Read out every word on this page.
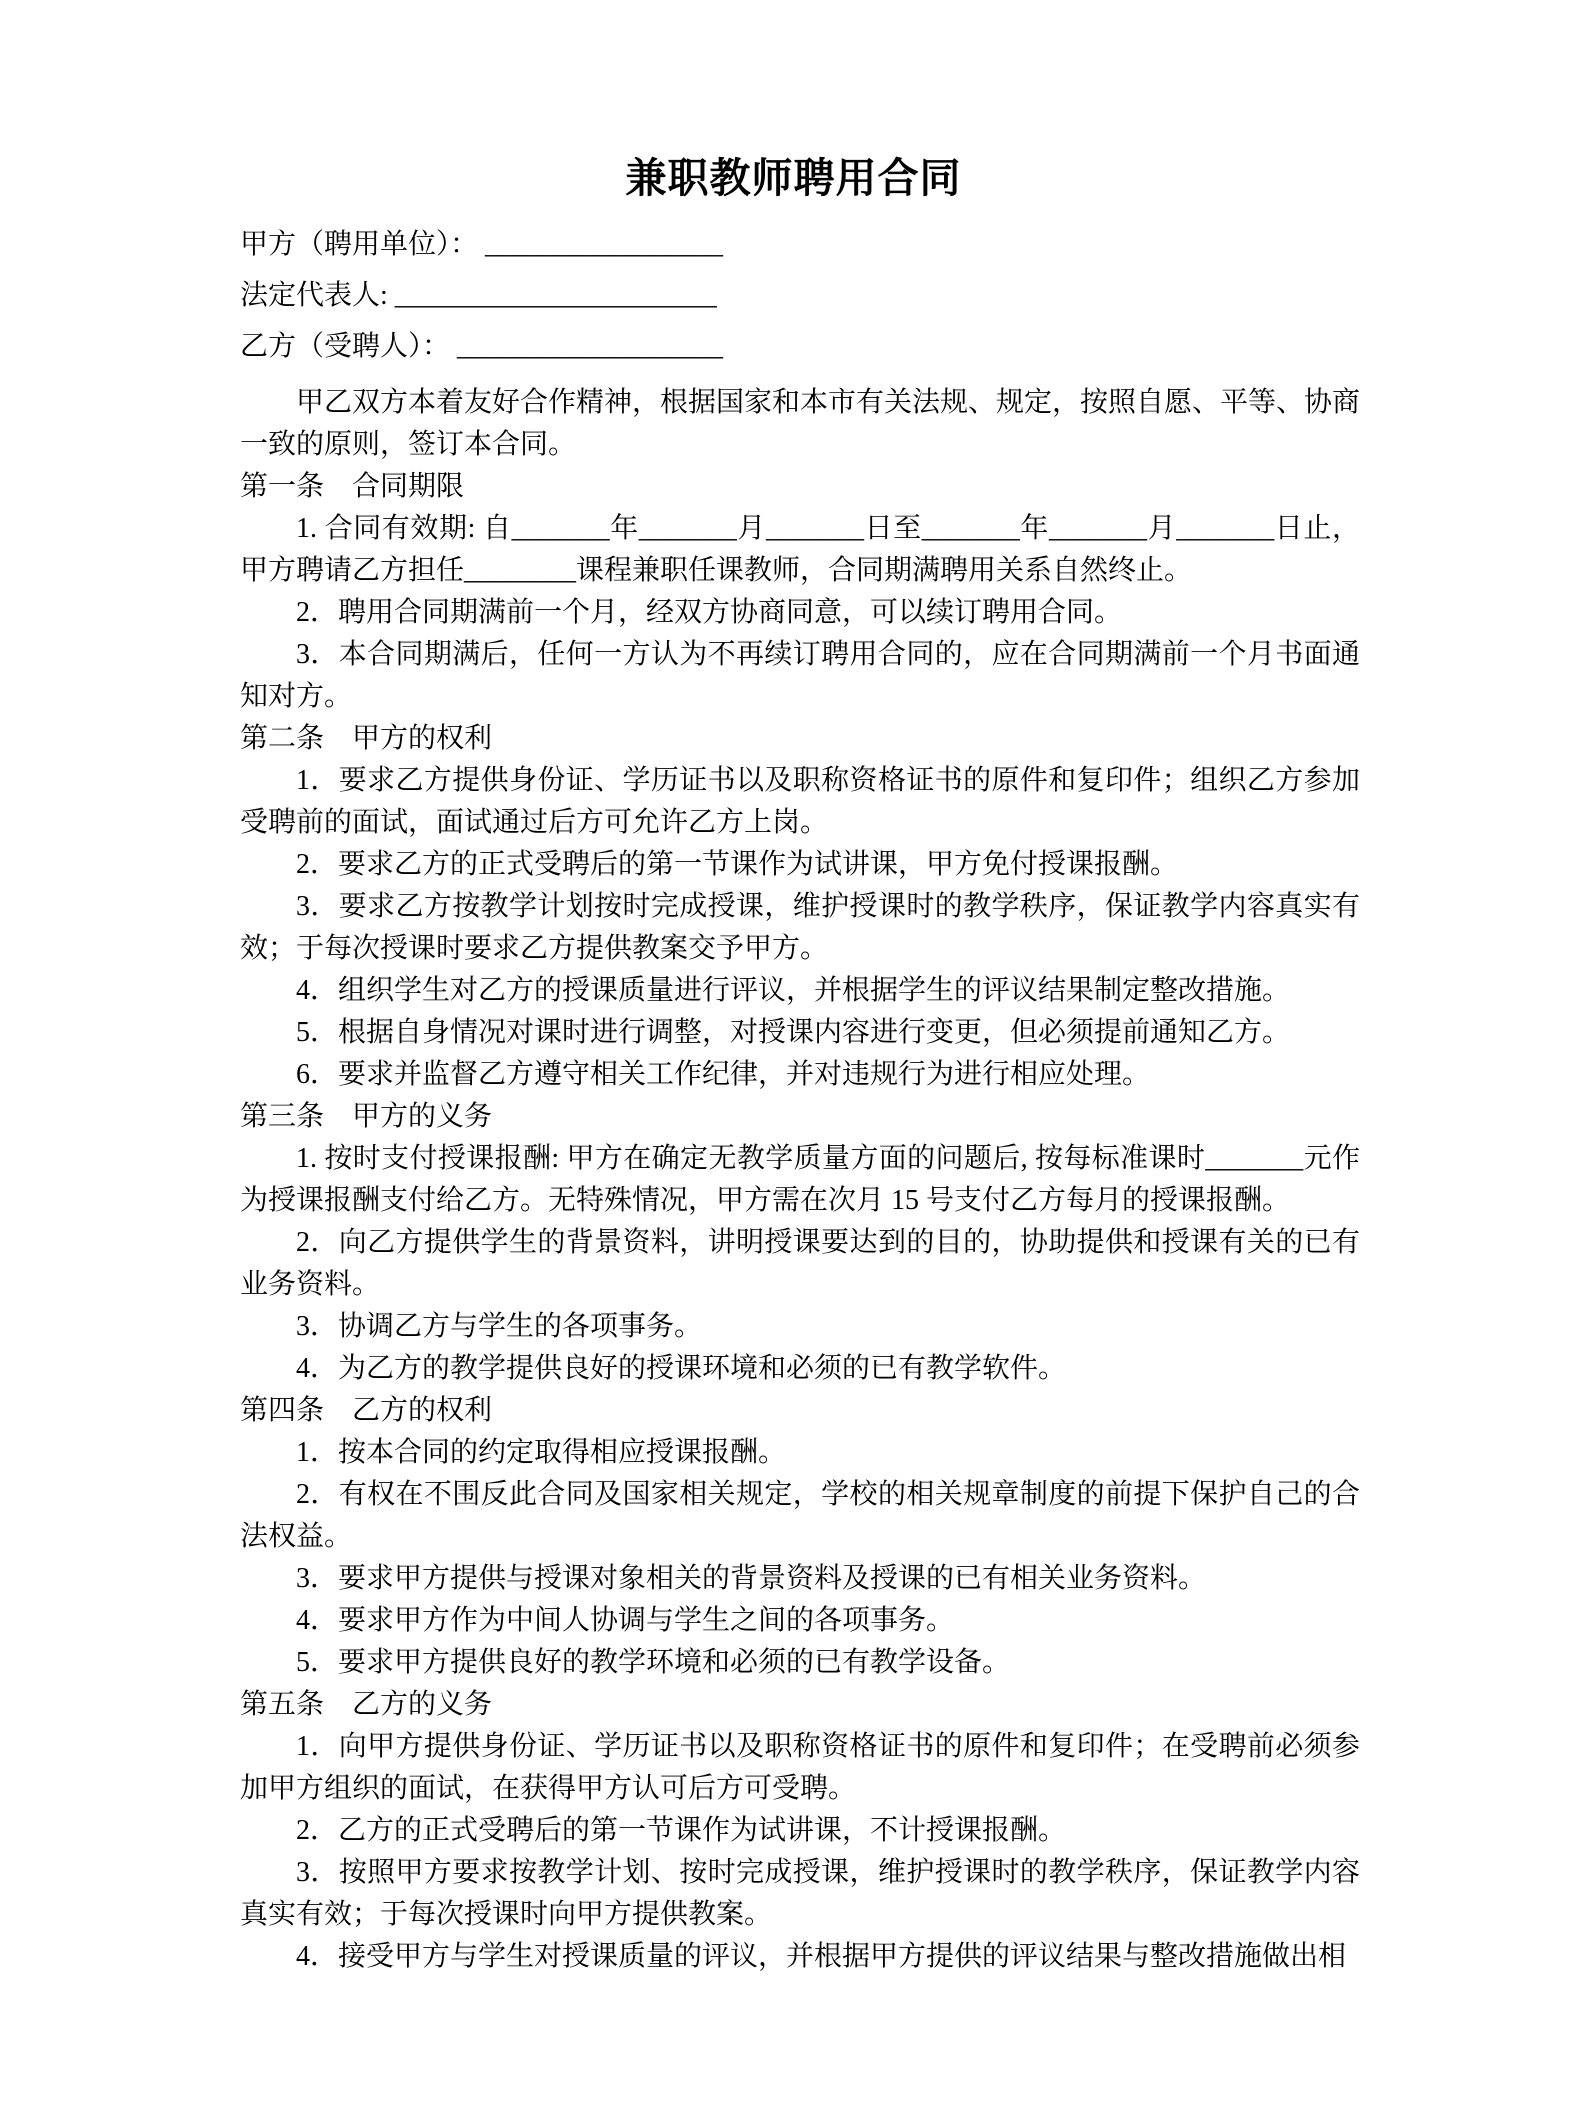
兼职教师聘用合同

甲方（聘用单位）： _________________

法定代表人: _______________________

乙方（受聘人）： ___________________

甲乙双方本着友好合作精神，根据国家和本市有关法规、规定，按照自愿、平等、协商一致的原则，签订本合同。

第一条　合同期限

1. 合同有效期: 自_______年_______月_______日至_______年_______月_______日止，甲方聘请乙方担任________课程兼职任课教师，合同期满聘用关系自然终止。

2．聘用合同期满前一个月，经双方协商同意，可以续订聘用合同。

3．本合同期满后，任何一方认为不再续订聘用合同的，应在合同期满前一个月书面通知对方。

第二条　甲方的权利

1．要求乙方提供身份证、学历证书以及职称资格证书的原件和复印件；组织乙方参加受聘前的面试，面试通过后方可允许乙方上岗。

2．要求乙方的正式受聘后的第一节课作为试讲课，甲方免付授课报酬。

3．要求乙方按教学计划按时完成授课，维护授课时的教学秩序，保证教学内容真实有效；于每次授课时要求乙方提供教案交予甲方。

4．组织学生对乙方的授课质量进行评议，并根据学生的评议结果制定整改措施。

5．根据自身情况对课时进行调整，对授课内容进行变更，但必须提前通知乙方。

6．要求并监督乙方遵守相关工作纪律，并对违规行为进行相应处理。

第三条　甲方的义务

1. 按时支付授课报酬: 甲方在确定无教学质量方面的问题后, 按每标准课时_______元作为授课报酬支付给乙方。无特殊情况，甲方需在次月 15 号支付乙方每月的授课报酬。

2．向乙方提供学生的背景资料，讲明授课要达到的目的，协助提供和授课有关的已有业务资料。

3．协调乙方与学生的各项事务。

4．为乙方的教学提供良好的授课环境和必须的已有教学软件。

第四条　乙方的权利

1．按本合同的约定取得相应授课报酬。

2．有权在不围反此合同及国家相关规定，学校的相关规章制度的前提下保护自己的合法权益。

3．要求甲方提供与授课对象相关的背景资料及授课的已有相关业务资料。

4．要求甲方作为中间人协调与学生之间的各项事务。

5．要求甲方提供良好的教学环境和必须的已有教学设备。

第五条　乙方的义务

1．向甲方提供身份证、学历证书以及职称资格证书的原件和复印件；在受聘前必须参加甲方组织的面试，在获得甲方认可后方可受聘。

2．乙方的正式受聘后的第一节课作为试讲课，不计授课报酬。

3．按照甲方要求按教学计划、按时完成授课，维护授课时的教学秩序，保证教学内容真实有效；于每次授课时向甲方提供教案。

4．接受甲方与学生对授课质量的评议，并根据甲方提供的评议结果与整改措施做出相
